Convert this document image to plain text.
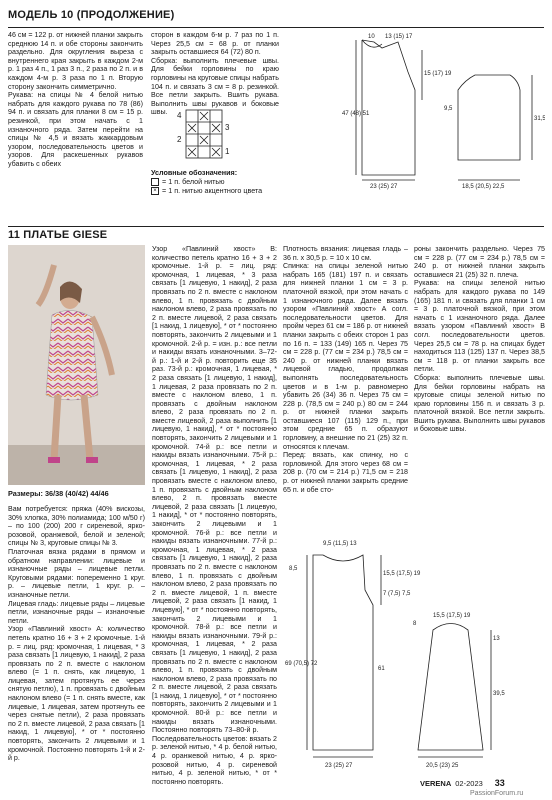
МОДЕЛЬ 10 (ПРОДОЛЖЕНИЕ)
46 см = 122 р. от нижней планки закрыть среднюю 14 п. и обе стороны закончить раздельно. Для округления выреза с внутреннего края закрыть в каждом 2-м р. 1 раз 4 п., 1 раз 3 п., 2 раза по 2 п. и в каждом 4-м р. 3 раза по 1 п. Вторую сторону закончить симметрично.
Рукава: на спицы № 4 белой нитью набрать для каждого рукава по 78 (86) 94 п. и связать для планки 8 см = 15 р. резинкой, при этом начать с 1 изнаночного ряда. Затем перейти на спицы № 4,5 и вязать жаккардовым узором, последовательность цветов и узоров. Для раскешенных рукавов убавить с обеих
сторон в каждом 6-м р. 7 раз по 1 п. Через 25,5 см = 68 р. от планки закрыть оставшиеся 64 (72) 80 п.
Сборка: выполнить плечевые швы. Для бейки горловины по краю горловины на круговые спицы набрать 104 п. и связать 3 см = 8 р. резинкой. Все петли закрыть. Вшить рукава. Выполнить швы рукавов и боковые швы.	4
2
3
1
Условные обозначения:
= 1 п. белой нитью
× = 1 п. нитью акцентного цвета
10 13 (15) 17
47 (48) 51
15 (17) 19
23 (25) 27
9,5
31,5
18,5 (20,5) 22,5
11 ПЛАТЬЕ GIESE
Размеры: 36/38 (40/42) 44/46
Вам потребуется: пряжа (40% вискозы, 30% хлопка, 30% полиамида; 100 м/50 г) – по 100 (200) 200 г сиреневой, ярко-розовой, оранжевой, белой и зеленой; спицы № 3, круговые спицы № 3.
Платочная вязка рядами в прямом и обратном направлении: лицевые и изнаночные ряды – лицевые петли. Круговыми рядами: попеременно 1 круг. р. – лицевые петли, 1 круг. р. – изнаночные петли.
Лицевая гладь: лицевые ряды – лицевые петли, изнаночные ряды – изнаночные петли.
Узор «Павлиний хвост» А: количество петель кратно 16 + 3 + 2 кромочные. 1-й р. = лиц. ряд: кромочная, 1 лицевая, * 3 раза связать [1 лицевую, 1 накид], 2 раза провязать по 2 п. вместе с наклоном влево (= 1 п. снять, как лицевую, 1 лицевая, затем протянуть ее через снятую петлю), 1 п. провязать с двойным наклоном влево (= 1 п. снять вместе, как лицевые, 1 лицевая, затем протянуть ее через снятые петли), 2 раза провязать по 2 п. вместе лицевой, 2 раза связать [1 накид, 1 лицевую], * от * постоянно повторять, закончить 2 лицевыми и 1 кромочной. Постоянно повторять 1-й и 2-й р.
Узор «Павлиний хвост» В: количество петель кратно 16 + 3 + 2 кромочные. 1-й р. = лиц. ряд: кромочная, 1 лицевая, * 3 раза связать [1 лицевую, 1 накид], 2 раза провязать по 2 п. вместе с наклоном влево, 1 п. провязать с двойным наклоном влево, 2 раза провязать по 2 п. вместе лицевой, 2 раза связать [1 накид, 1 лицевую], * от * постоянно повторять, закончить 2 лицевыми и 1 кромочной. 2-й р. = изн. р.: все петли и накиды вязать изнаночными. 3–72-й р.: 1-й и 2-й р. повторить еще 35 раз. 73-й р.: кромочная, 1 лицевая, * 2 раза связать [1 лицевую, 1 накид], 1 лицевая, 2 раза провязать по 2 п. вместе с наклоном влево, 1 п. провязать с двойным наклоном влево, 2 раза провязать по 2 п. вместе лицевой, 2 раза выполнить [1 лицевую, 1 накид], * от * постоянно повторять, закончить 2 лицевыми и 1 кромочной. 74-й р.: все петли и накиды вязать изнаночными. 75-й р.: кромочная, 1 лицевая, * 2 раза связать [1 лицевую, 1 накид], 2 раза провязать вместе с наклоном влево, 1 п. провязать с двойным наклоном влево, 2 п. провязать вместе лицевой, 2 раза связать [1 лицевую, 1 накид], * от * постоянно повторять, закончить 2 лицевыми и 1 кромочной. 76-й р.: все петли и накиды вязать изнаночными. 77-й р.: кромочная, 1 лицевая, * 2 раза связать [1 лицевую, 1 накид], 2 раза провязать по 2 п. вместе с наклоном влево, 1 п. провязать с двойным наклоном влево, 2 раза провязать по 2 п. вместе лицевой, 1 п. вместе лицевой, 2 раза связать [1 накид, 1 лицевую], * от * постоянно повторять, закончить 2 лицевыми и 1 кромочной. 78-й р.: все петли и накиды вязать изнаночными. 79-й р.: кромочная, 1 лицевая, * 2 раза связать [1 лицевую, 1 накид], 2 раза провязать по 2 п. вместе с наклоном влево, 1 п. провязать с двойным наклоном влево, 2 раза провязать по 2 п. вместе лицевой, 2 раза связать [1 накид, 1 лицевую], * от * постоянно повторять, закончить 2 лицевыми и 1 кромочной. 80-й р.: все петли и накиды вязать изнаночными. Постоянно повторять 73–80-й р.
Последовательность цветов: вязать 2 р. зеленой нитью, * 4 р. белой нитью, 4 р. оранжевой нитью, 4 р. ярко-розовой нитью, 4 р. сиреневой нитью, 4 р. зеленой нитью, * от * постоянно повторять.
Плотность вязания: лицевая гладь – 36 п. х 30,5 р. = 10 х 10 см.
Спинка: на спицы зеленой нитью набрать 165 (181) 197 п. и связать для нижней планки 1 см = 3 р. платочной вязкой, при этом начать с 1 изнаночного ряда. Далее вязать узором «Павлиний хвост» А согл. последовательности цветов. Для пройм через 61 см = 186 р. от нижней планки закрыть с обеих сторон 1 раз по 16 п. = 133 (149) 165 п. Через 75 см = 228 р. (77 см = 234 р.) 78,5 см = 240 р. от нижней планки вязать лицевой гладью, продолжая выполнять последовательность цветов и в 1-м р. равномерно убавить 26 (34) 36 п. Через 75 см = 228 р. (78,5 см = 240 р.) 80 см = 244 р. от нижней планки закрыть оставшиеся 107 (115) 129 п., при этом средние 65 п. образуют горловину, а внешние по 21 (25) 32 п. относятся к плечам.
Перед: вязать, как спинку, но с горловиной. Для этого через 68 см = 208 р. (70 см = 214 р.) 71,5 см = 218 р. от нижней планки закрыть средние 65 п. и обе сто-
роны закончить раздельно. Через 75 см = 228 р. (77 см = 234 р.) 78,5 см = 240 р. от нижней планки закрыть оставшиеся 21 (25) 32 п. плеча.
Рукава: на спицы зеленой нитью набрать для каждого рукава по 149 (165) 181 п. и связать для планки 1 см = 3 р. платочной вязкой, при этом начать с 1 изнаночного ряда. Далее вязать узором «Павлиний хвост» В согл. последовательности цветов. Через 25,5 см = 78 р. на спицах будет находиться 113 (125) 137 п. Через 38,5 см = 118 р. от планки закрыть все петли.
Сборка: выполнить плечевые швы. Для бейки горловины набрать на круговые спицы зеленой нитью по краю горловины 156 п. и связать 3 р. платочной вязкой. Все петли закрыть. Вшить рукава. Выполнить швы рукавов и боковые швы.
9,5 (11,5) 13
8,5
15,5 (17,5) 19
7 (7,5) 7,5
69 (70,5) 72
61
23 (25) 27
15,5 (17,5) 19
8
13
39,5
20,5 (23) 25
VERENA 02-2023 33
PassionForum.ru
